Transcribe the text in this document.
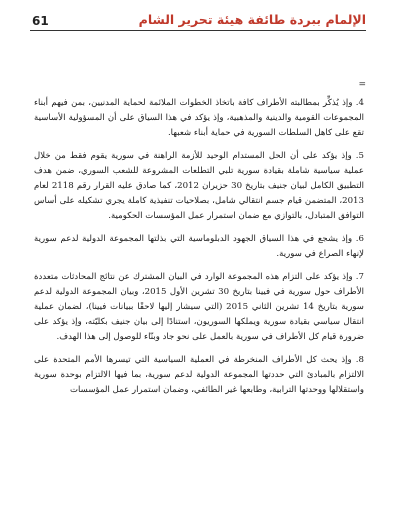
61	الإلمام ببردة طائفة هيئة تحرير الشام
=

4. وإذ يُذكِّر بمطالبته الأطراف كافة باتخاذ الخطوات الملائمة لحماية المدنيين، بمن فيهم أبناء المجموعات القومية والدينية والمذهبية، وإذ يؤكد في هذا السياق على أن المسؤولية الأساسية تقع على كاهل السلطات السورية في حماية أبناء شعبها.

5. وإذ يؤكد على أن الحل المستدام الوحيد للأزمة الراهنة في سورية يقوم فقط من خلال عملية سياسية شاملة بقيادة سورية تلبي التطلعات المشروعة للشعب السوري، ضمن هدف التطبيق الكامل لبيان جنيف بتاريخ 30 حزيران 2012، كما صادق عليه القرار رقم 2118 لعام 2013، المتضمن قيام جسم انتقالي شامل، بصلاحيات تنفيذية كاملة يجري تشكيله على أساس التوافق المتبادل، بالتوازي مع ضمان استمرار عمل المؤسسات الحكومية.

6. وإذ يشجع في هذا السياق الجهود الدبلوماسية التي بذلتها المجموعة الدولية لدعم سورية لإنهاء الصراع في سورية.

7. وإذ يؤكد على التزام هذه المجموعة الوارد في البيان المشترك عن نتائج المحادثات متعددة الأطراف حول سورية في فيينا بتاريخ 30 تشرين الأول 2015، وبيان المجموعة الدولية لدعم سورية بتاريخ 14 تشرين الثاني 2015 (التي سيشار إليها لاحقًا ببيانات فيينا)، لضمان عملية انتقال سياسي بقيادة سورية ويملكها السوريون، استنادًا إلى بيان جنيف بكليّته، وإذ يؤكد على ضرورة قيام كل الأطراف في سورية بالعمل على نحو جاد وبنّاء للوصول إلى هذا الهدف.

8. وإذ يحث كل الأطراف المنخرطة في العملية السياسية التي تيسرها الأمم المتحدة على الالتزام بالمبادئ التي حددتها المجموعة الدولية لدعم سورية، بما فيها الالتزام بوحدة سورية واستقلالها ووحدتها الترابية، وطابعها غير الطائفي، وضمان استمرار عمل المؤسسات
